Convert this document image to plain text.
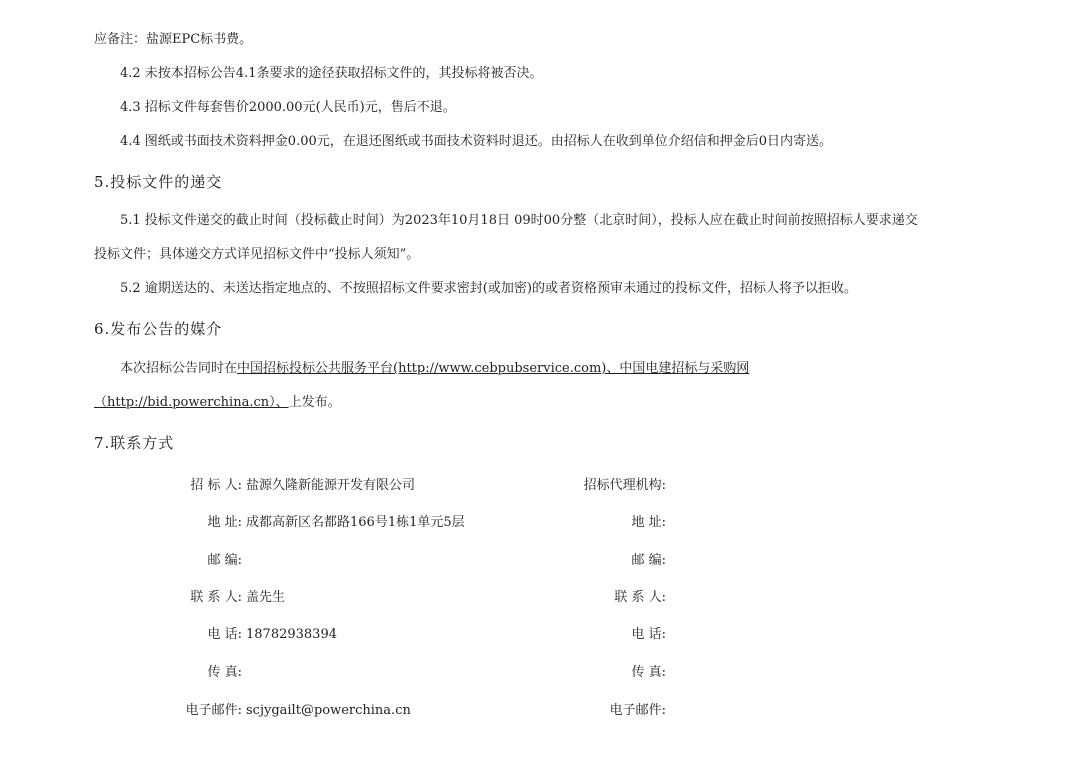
应备注：盐源EPC标书费。
4.2 未按本招标公告4.1条要求的途径获取招标文件的，其投标将被否决。
4.3 招标文件每套售价2000.00元(人民币)元，售后不退。
4.4 图纸或书面技术资料押金0.00元，在退还图纸或书面技术资料时退还。由招标人在收到单位介绍信和押金后0日内寄送。
5.投标文件的递交
5.1 投标文件递交的截止时间（投标截止时间）为2023年10月18日 09时00分整（北京时间），投标人应在截止时间前按照招标人要求递交
投标文件；具体递交方式详见招标文件中“投标人须知”。
5.2 逾期送达的、未送达指定地点的、不按照招标文件要求密封(或加密)的或者资格预审未通过的投标文件，招标人将予以拒收。
6.发布公告的媒介
本次招标公告同时在中国招标投标公共服务平台(http://www.cebpubservice.com)、中国电建招标与采购网
（http://bid.powerchina.cn）、上发布。
7.联系方式
招 标 人: 盐源久隆新能源开发有限公司
地 址: 成都高新区名都路166号1栋1单元5层
邮 编:
联 系 人: 盖先生
电 话: 18782938394
传 真:
电子邮件: scjygailt@powerchina.cn
招标代理机构:
地 址:
邮 编:
联 系 人:
电 话:
传 真:
电子邮件:
